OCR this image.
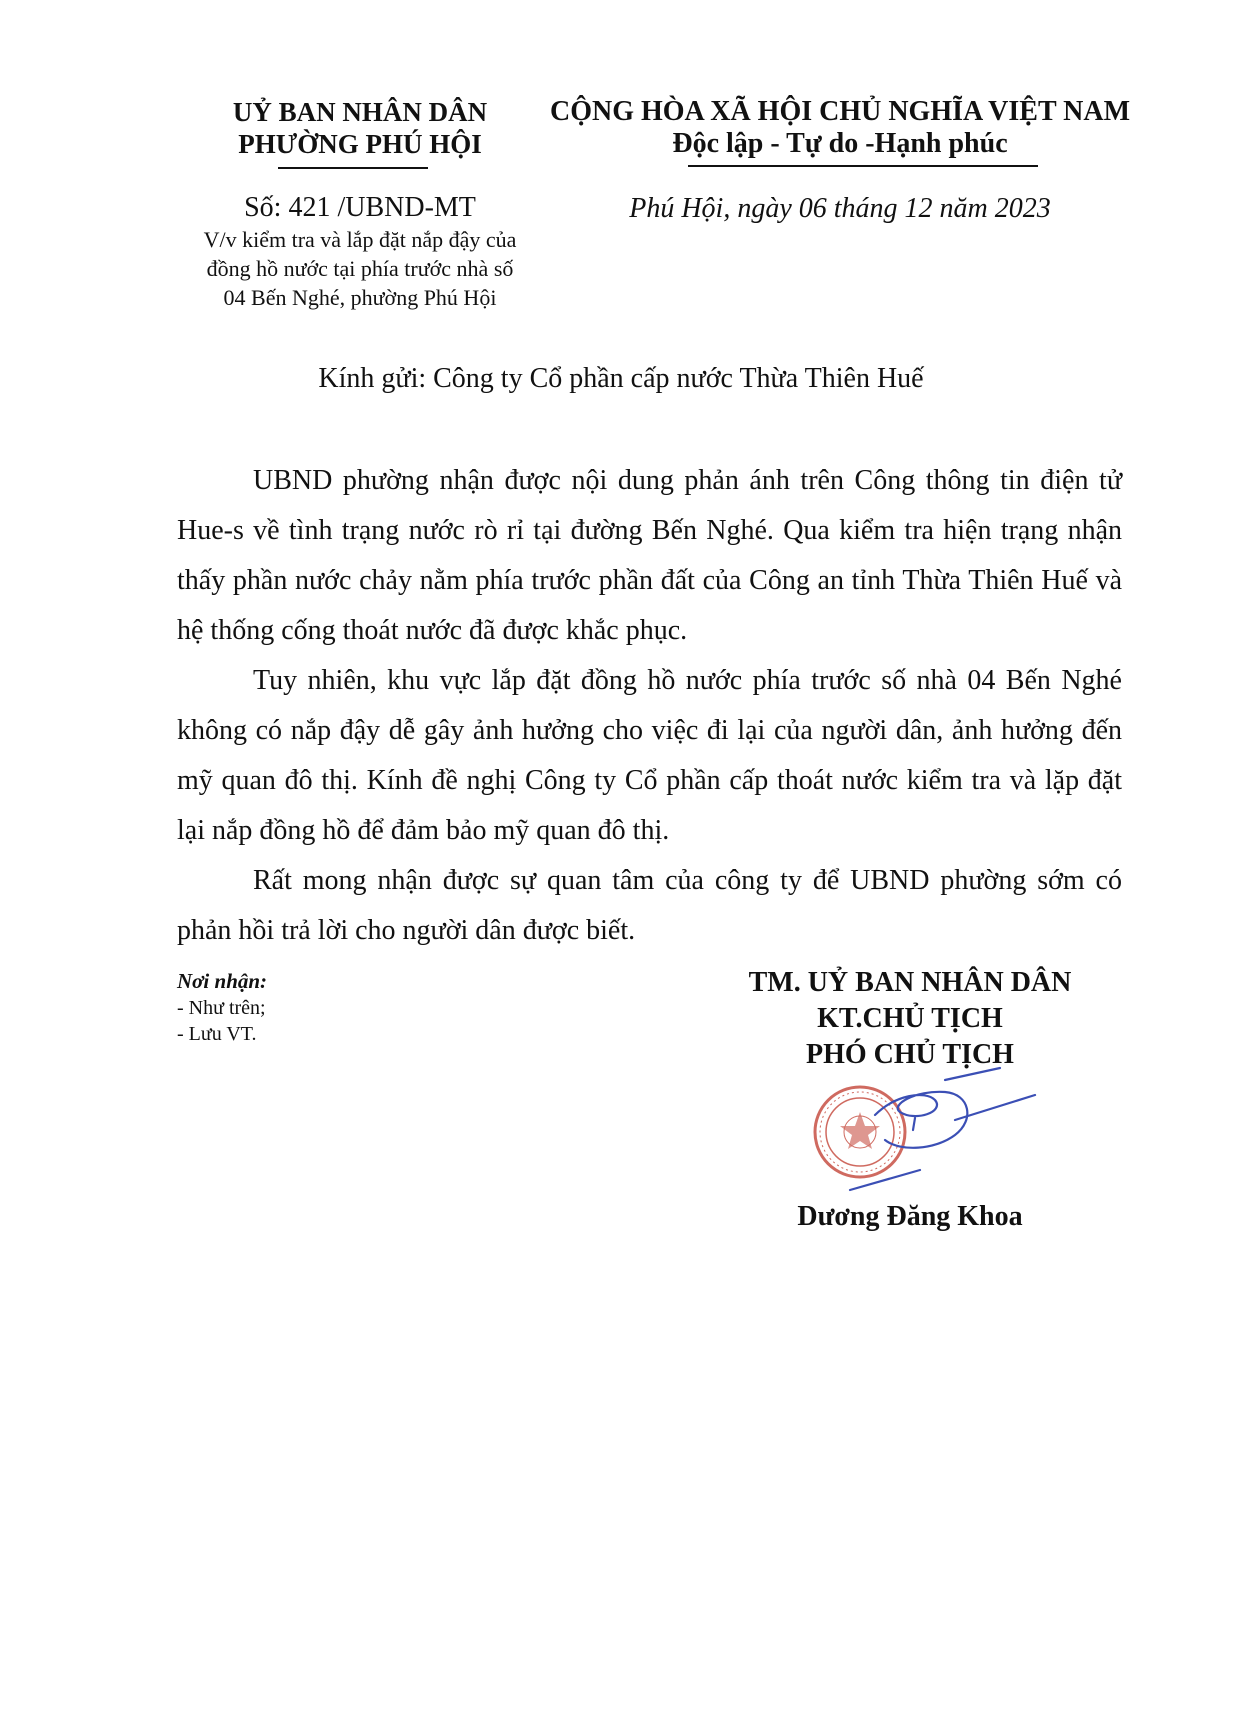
UỶ BAN NHÂN DÂN
PHƯỜNG PHÚ HỘI
CỘNG HÒA XÃ HỘI CHỦ NGHĨA VIỆT NAM
Độc lập - Tự do -Hạnh phúc
Số: 421 /UBND-MT
V/v kiểm tra và lắp đặt nắp đậy của
đồng hồ nước tại phía trước nhà số
04 Bến Nghé, phường Phú Hội
Phú Hội, ngày 06 tháng 12 năm 2023
Kính gửi: Công ty Cổ phần cấp nước Thừa Thiên Huế

UBND phường nhận được nội dung phản ánh trên Công thông tin điện tử Hue-s về tình trạng nước rò rỉ tại đường Bến Nghé. Qua kiểm tra hiện trạng nhận thấy phần nước chảy nằm phía trước phần đất của Công an tỉnh Thừa Thiên Huế và hệ thống cống thoát nước đã được khắc phục.

Tuy nhiên, khu vực lắp đặt đồng hồ nước phía trước số nhà 04 Bến Nghé không có nắp đậy dễ gây ảnh hưởng cho việc đi lại của người dân, ảnh hưởng đến mỹ quan đô thị. Kính đề nghị Công ty Cổ phần cấp thoát nước kiểm tra và lặp đặt lại nắp đồng hồ để đảm bảo mỹ quan đô thị.

Rất mong nhận được sự quan tâm của công ty để UBND phường sớm có phản hồi trả lời cho người dân được biết.

Nơi nhận:
- Như trên;
- Lưu VT.
TM. UỶ BAN NHÂN DÂN
KT.CHỦ TỊCH
PHÓ CHỦ TỊCH
Dương Đăng Khoa
